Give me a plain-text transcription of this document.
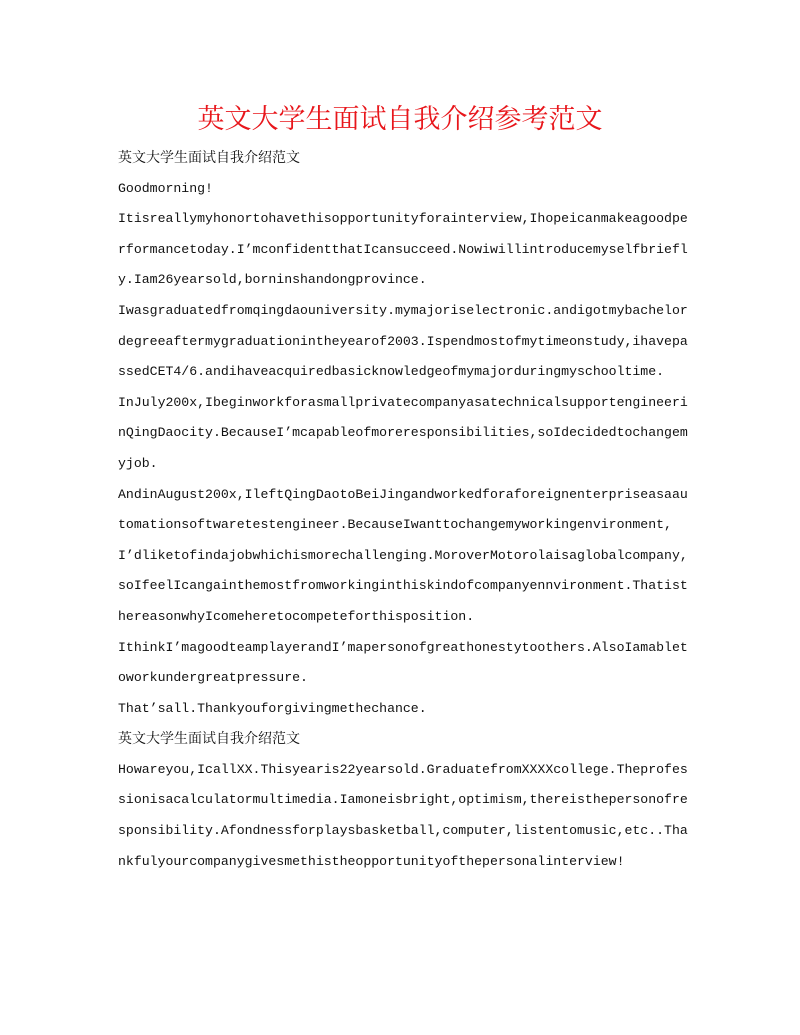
英文大学生面试自我介绍参考范文

英文大学生面试自我介绍范文

Goodmorning!

Itisreallymyhonortohavethisopportunityforainterview,Ihopeicanmakeagoodperformancetoday.I’mconfidentthatIcansucceed.Nowiwillintroducemyselfbriefly.Iam26yearsold,borninshandongprovince.

Iwasgraduatedfromqingdaouniversity.mymajoriselectronic.andigotmybachelordegreeaftermygraduationintheyearof2003.Ispendmostofmytimeonstudy,ihavepassedCET4/6.andihaveacquiredbasicknowledgeofmymajorduringmyschooltime.

InJuly200x,IbeginworkforasmallprivatecompanyasatechnicalsupportengineerinQingDaocity.BecauseI’mcapableofmoreresponsibilities,soIdecidedtochangemyjob.

AndinAugust200x,IleftQingDaotoBeiJingandworkedforaforeignenterpriseasaautomationsoftwaretestengineer.BecauseIwanttochangemyworkingenvironment,I’dliketofindajobwhichismorechallenging.MoroverMotorolaisaglobalcompany,soIfeelIcangainthemostfromworkinginthiskindofcompanyennvironment.ThatisthereasonwhyIcomeheretocompeteforthisposition.

IthinkI’magoodteamplayerandI’mapersonofgreathonestytoothers.AlsoIamabletoworkundergreatpressure.

That’sall.Thankyouforgivingmethechance.

英文大学生面试自我介绍范文

Howareyou,IcallXX.Thisyearis22yearsold.GraduatefromXXXXcollege.Theprofessionisacalculatormultimedia.Iamoneisbright,optimism,thereisthepersonofresponsibility.Afondnessforplaysbasketball,computer,listentomusic,etc..Thankfulyourcompanygivesmethistheopportunityofthepersonalinterview!
